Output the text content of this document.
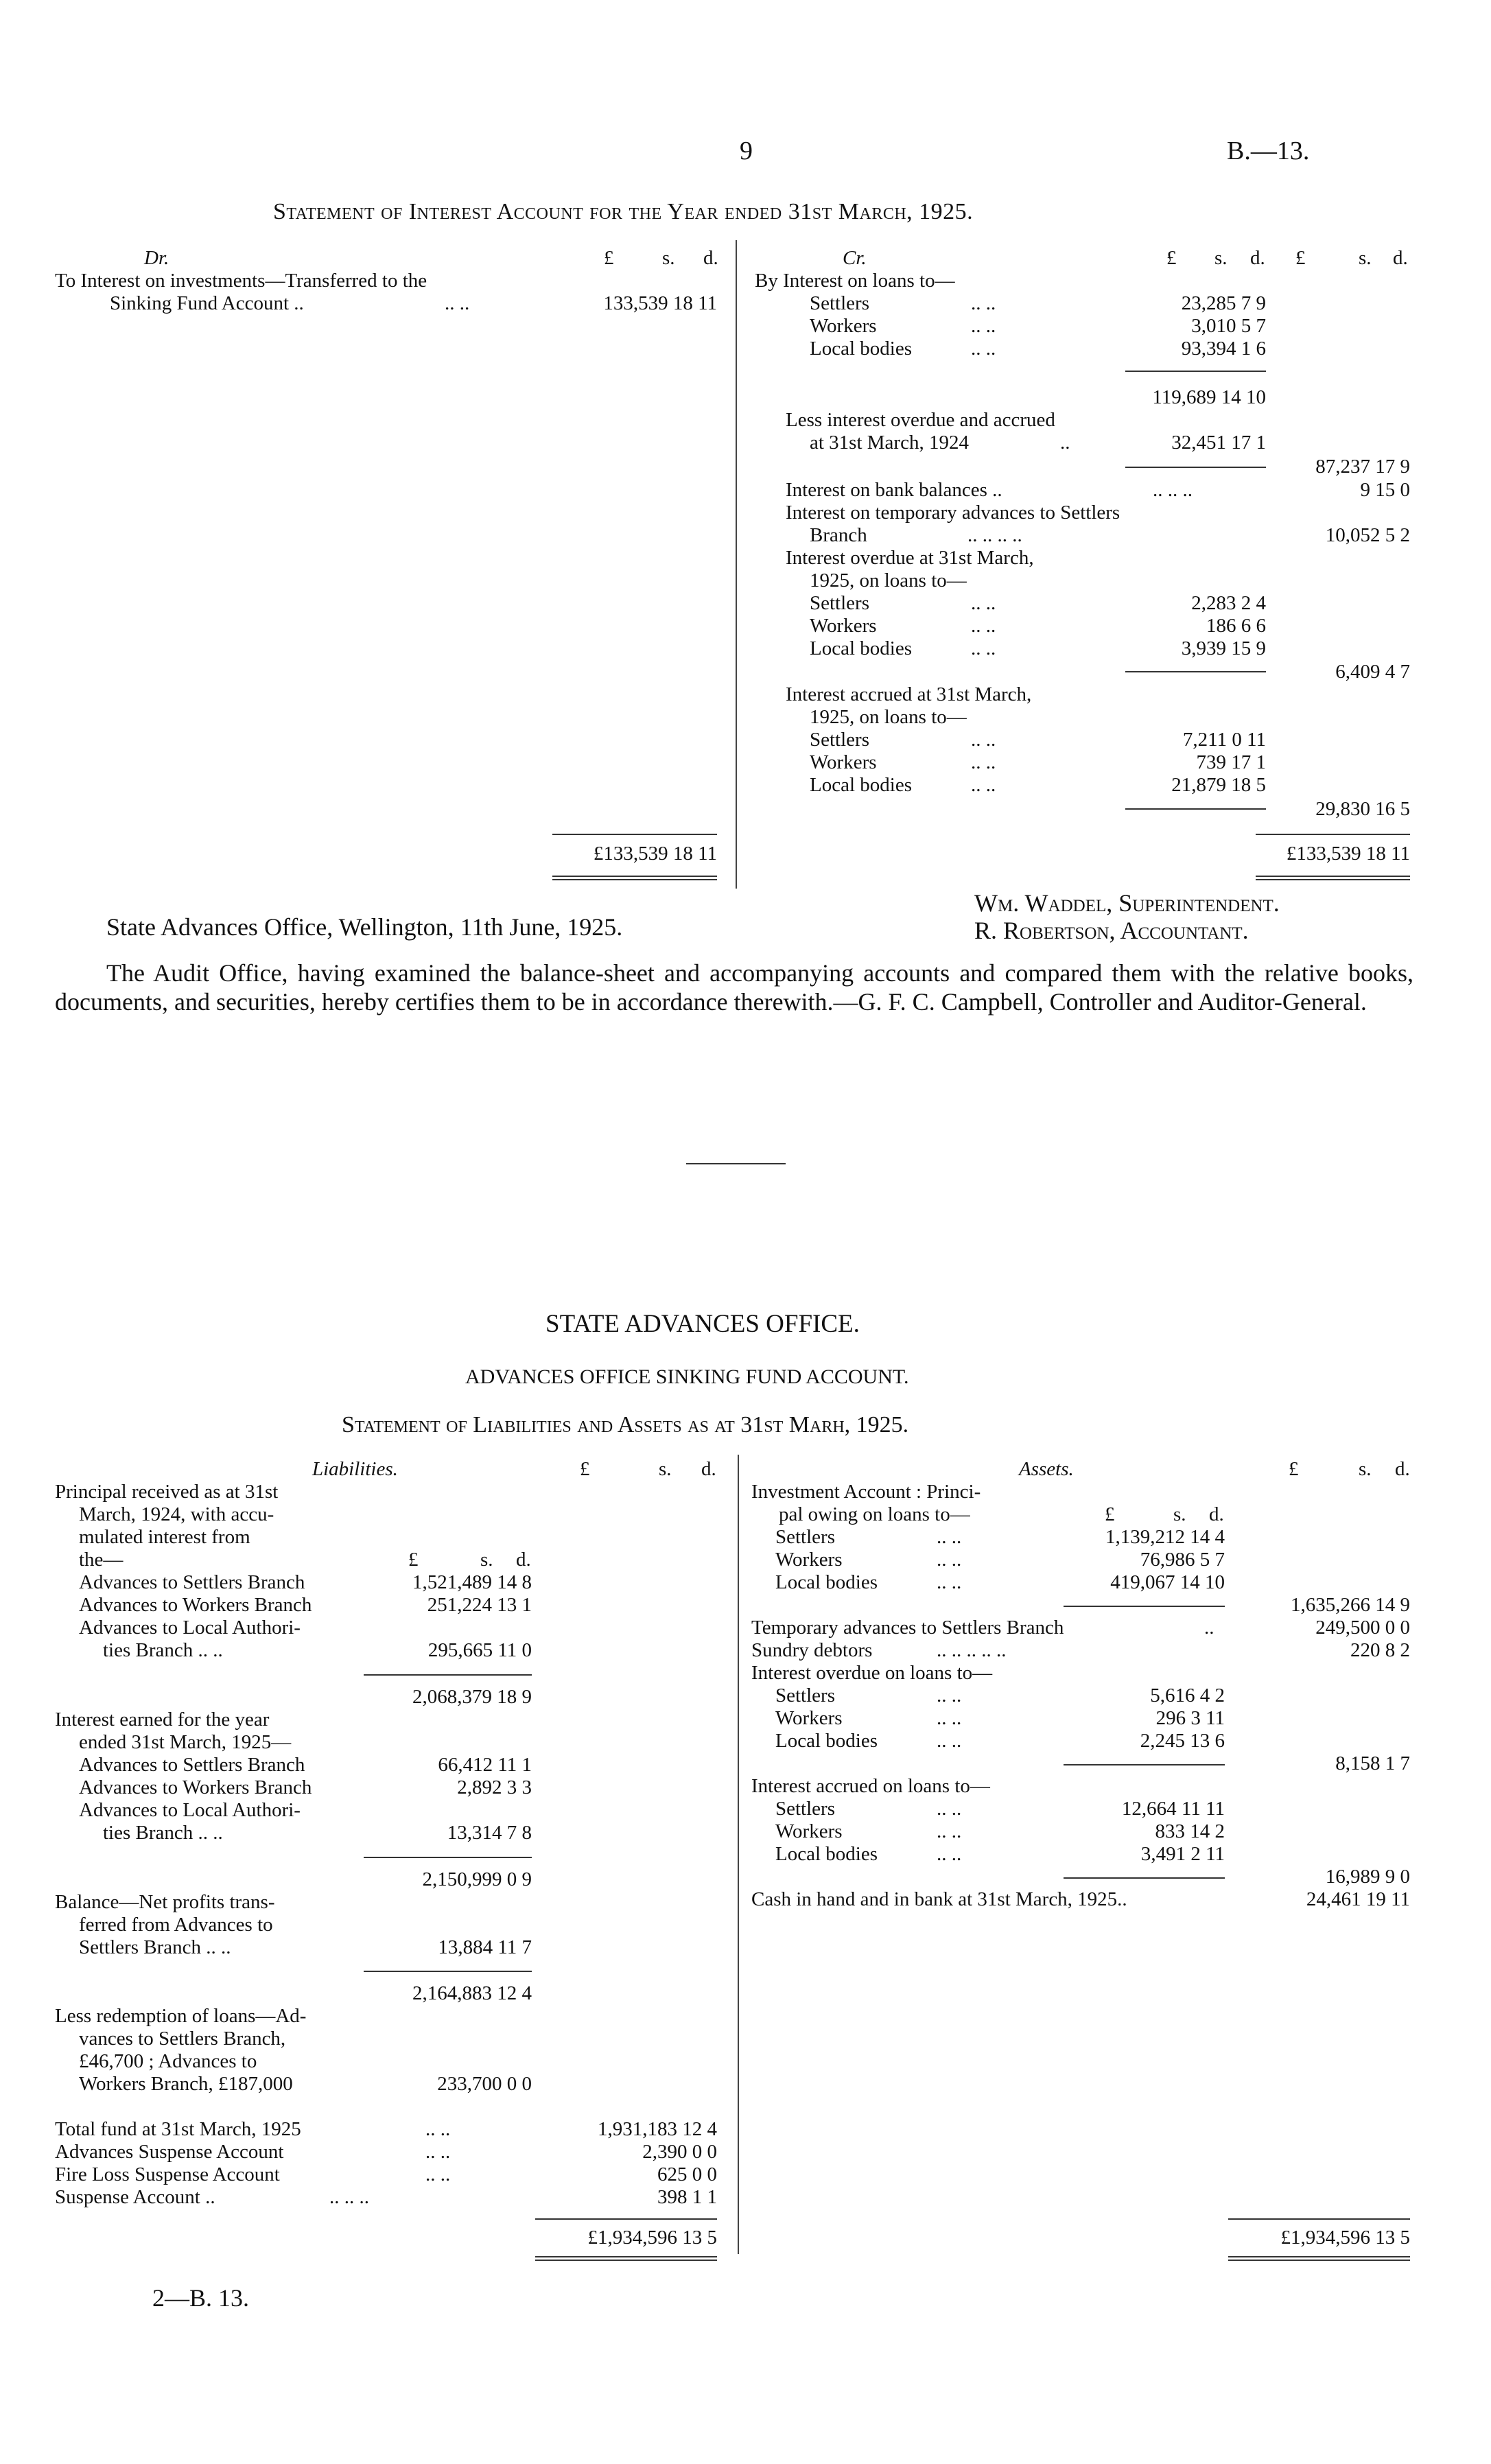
9	B.—13.
Statement of Interest Account for the Year ended 31st March, 1925.
Dr.	£ s. d.
To Interest on investments—Transferred to the
Sinking Fund Account ..	.. ..	133,539 18 11
£133,539 18 11
Cr.	£ s. d. £	s. d.
By Interest on loans to—
Settlers	.. ..	23,285 7 9
Workers	.. ..	3,010 5 7
Local bodies	.. ..	93,394 1 6
119,689 14 10
Less interest overdue and accrued
at 31st March, 1924	..	32,451 17 1
87,237 17 9
Interest on bank balances ..	.. .. ..	9 15 0
Interest on temporary advances to Settlers
Branch	.. .. .. ..	10,052 5 2
Interest overdue at 31st March,
1925, on loans to—
Settlers	.. ..	2,283 2 4
Workers	.. ..	186 6 6
Local bodies	.. ..	3,939 15 9
6,409 4 7
Interest accrued at 31st March,
1925, on loans to—
Settlers	.. ..	7,211 0 11
Workers	.. ..	739 17 1
Local bodies	.. ..	21,879 18 5
29,830 16 5
£133,539 18 11
State Advances Office, Wellington, 11th June, 1925.
Wm. Waddel, Superintendent.
R. Robertson, Accountant.
The Audit Office, having examined the balance-sheet and accompanying accounts and compared them with the relative books, documents, and securities, hereby certifies them to be in accordance therewith.—G. F. C. Campbell, Controller and Auditor-General.
STATE ADVANCES OFFICE.
ADVANCES OFFICE SINKING FUND ACCOUNT.
Statement of Liabilities and Assets as at 31st Marh, 1925.
Liabilities.	£	s. d.
Principal received as at 31st
March, 1924, with accu-
mulated interest from
the—	£	s. d.
Advances to Settlers Branch	1,521,489 14 8
Advances to Workers Branch	251,224 13 1
Advances to Local Authori-
ties Branch .. ..	295,665 11 0
2,068,379 18 9
Interest earned for the year
ended 31st March, 1925—
Advances to Settlers Branch	66,412 11 1
Advances to Workers Branch	2,892 3 3
Advances to Local Authori-
ties Branch .. ..	13,314 7 8
2,150,999 0 9
Balance—Net profits trans-
ferred from Advances to
Settlers Branch .. ..	13,884 11 7
2,164,883 12 4
Less redemption of loans—Ad-
vances to Settlers Branch,
£46,700 ; Advances to
Workers Branch, £187,000	233,700 0 0
Total fund at 31st March, 1925	.. ..	1,931,183 12 4
Advances Suspense Account	.. ..	2,390 0 0
Fire Loss Suspense Account	.. ..	625 0 0
Suspense Account ..	.. .. ..	398 1 1
£1,934,596 13 5
Assets.	£	s. d.
Investment Account : Princi-
pal owing on loans to—	£	s. d.
Settlers	.. ..	1,139,212 14 4
Workers	.. ..	76,986 5 7
Local bodies	.. ..	419,067 14 10
1,635,266 14 9
Temporary advances to Settlers Branch	..	249,500 0 0
Sundry debtors	.. .. .. .. ..	220 8 2
Interest overdue on loans to—
Settlers	.. ..	5,616 4 2
Workers	.. ..	296 3 11
Local bodies	.. ..	2,245 13 6
8,158 1 7
Interest accrued on loans to—
Settlers	.. ..	12,664 11 11
Workers	.. ..	833 14 2
Local bodies	.. ..	3,491 2 11
16,989 9 0
Cash in hand and in bank at 31st March, 1925..	24,461 19 11
£1,934,596 13 5
2—B. 13.
